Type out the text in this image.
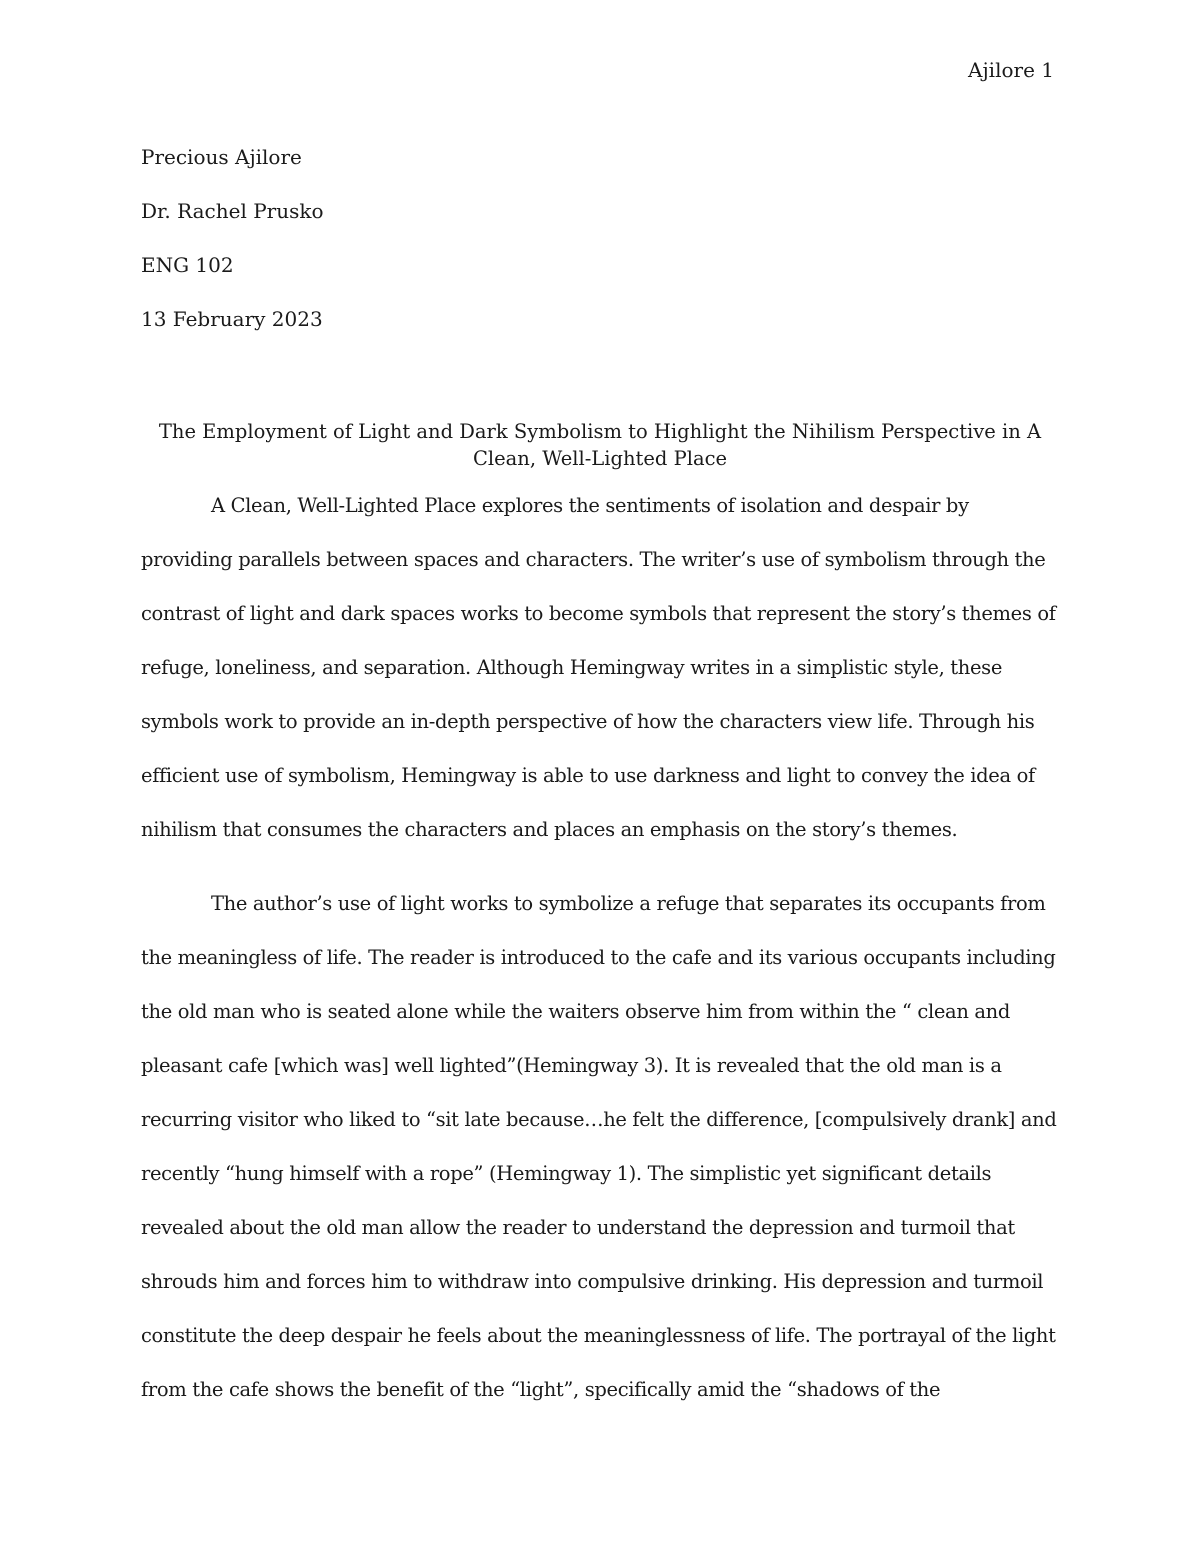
Ajilore 1
Precious Ajilore
Dr. Rachel Prusko
ENG 102
13 February 2023
The Employment of Light and Dark Symbolism to Highlight the Nihilism Perspective in A
Clean, Well-Lighted Place
A Clean, Well-Lighted Place explores the sentiments of isolation and despair by
providing parallels between spaces and characters. The writer’s use of symbolism through the
contrast of light and dark spaces works to become symbols that represent the story’s themes of
refuge, loneliness, and separation. Although Hemingway writes in a simplistic style, these
symbols work to provide an in-depth perspective of how the characters view life. Through his
efficient use of symbolism, Hemingway is able to use darkness and light to convey the idea of
nihilism that consumes the characters and places an emphasis on the story’s themes.
The author’s use of light works to symbolize a refuge that separates its occupants from
the meaningless of life. The reader is introduced to the cafe and its various occupants including
the old man who is seated alone while the waiters observe him from within the “ clean and
pleasant cafe [which was] well lighted”(Hemingway 3). It is revealed that the old man is a
recurring visitor who liked to “sit late because…he felt the difference, [compulsively drank] and
recently “hung himself with a rope” (Hemingway 1). The simplistic yet significant details
revealed about the old man allow the reader to understand the depression and turmoil that
shrouds him and forces him to withdraw into compulsive drinking. His depression and turmoil
constitute the deep despair he feels about the meaninglessness of life. The portrayal of the light
from the cafe shows the benefit of the “light”, specifically amid the “shadows of the
